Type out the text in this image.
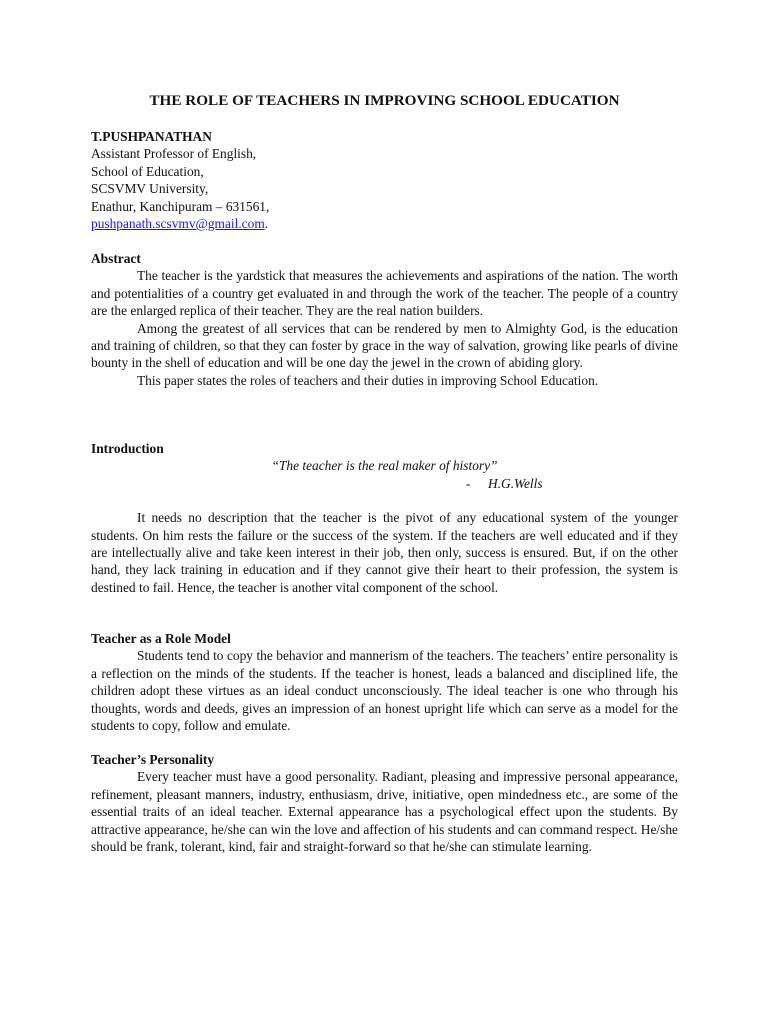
THE ROLE OF TEACHERS IN IMPROVING SCHOOL EDUCATION
T.PUSHPANATHAN
Assistant Professor of English,
School of Education,
SCSVMV University,
Enathur, Kanchipuram – 631561,
pushpanath.scsvmv@gmail.com.
Abstract

The teacher is the yardstick that measures the achievements and aspirations of the nation. The worth and potentialities of a country get evaluated in and through the work of the teacher. The people of a country are the enlarged replica of their teacher. They are the real nation builders.

Among the greatest of all services that can be rendered by men to Almighty God, is the education and training of children, so that they can foster by grace in the way of salvation, growing like pearls of divine bounty in the shell of education and will be one day the jewel in the crown of abiding glory.

This paper states the roles of teachers and their duties in improving School Education.

Introduction
“The teacher is the real maker of history”
- H.G.Wells

It needs no description that the teacher is the pivot of any educational system of the younger students. On him rests the failure or the success of the system. If the teachers are well educated and if they are intellectually alive and take keen interest in their job, then only, success is ensured. But, if on the other hand, they lack training in education and if they cannot give their heart to their profession, the system is destined to fail. Hence, the teacher is another vital component of the school.

Teacher as a Role Model

Students tend to copy the behavior and mannerism of the teachers. The teachers’ entire personality is a reflection on the minds of the students. If the teacher is honest, leads a balanced and disciplined life, the children adopt these virtues as an ideal conduct unconsciously. The ideal teacher is one who through his thoughts, words and deeds, gives an impression of an honest upright life which can serve as a model for the students to copy, follow and emulate.

Teacher’s Personality

Every teacher must have a good personality. Radiant, pleasing and impressive personal appearance, refinement, pleasant manners, industry, enthusiasm, drive, initiative, open mindedness etc., are some of the essential traits of an ideal teacher. External appearance has a psychological effect upon the students. By attractive appearance, he/she can win the love and affection of his students and can command respect. He/she should be frank, tolerant, kind, fair and straight-forward so that he/she can stimulate learning.
